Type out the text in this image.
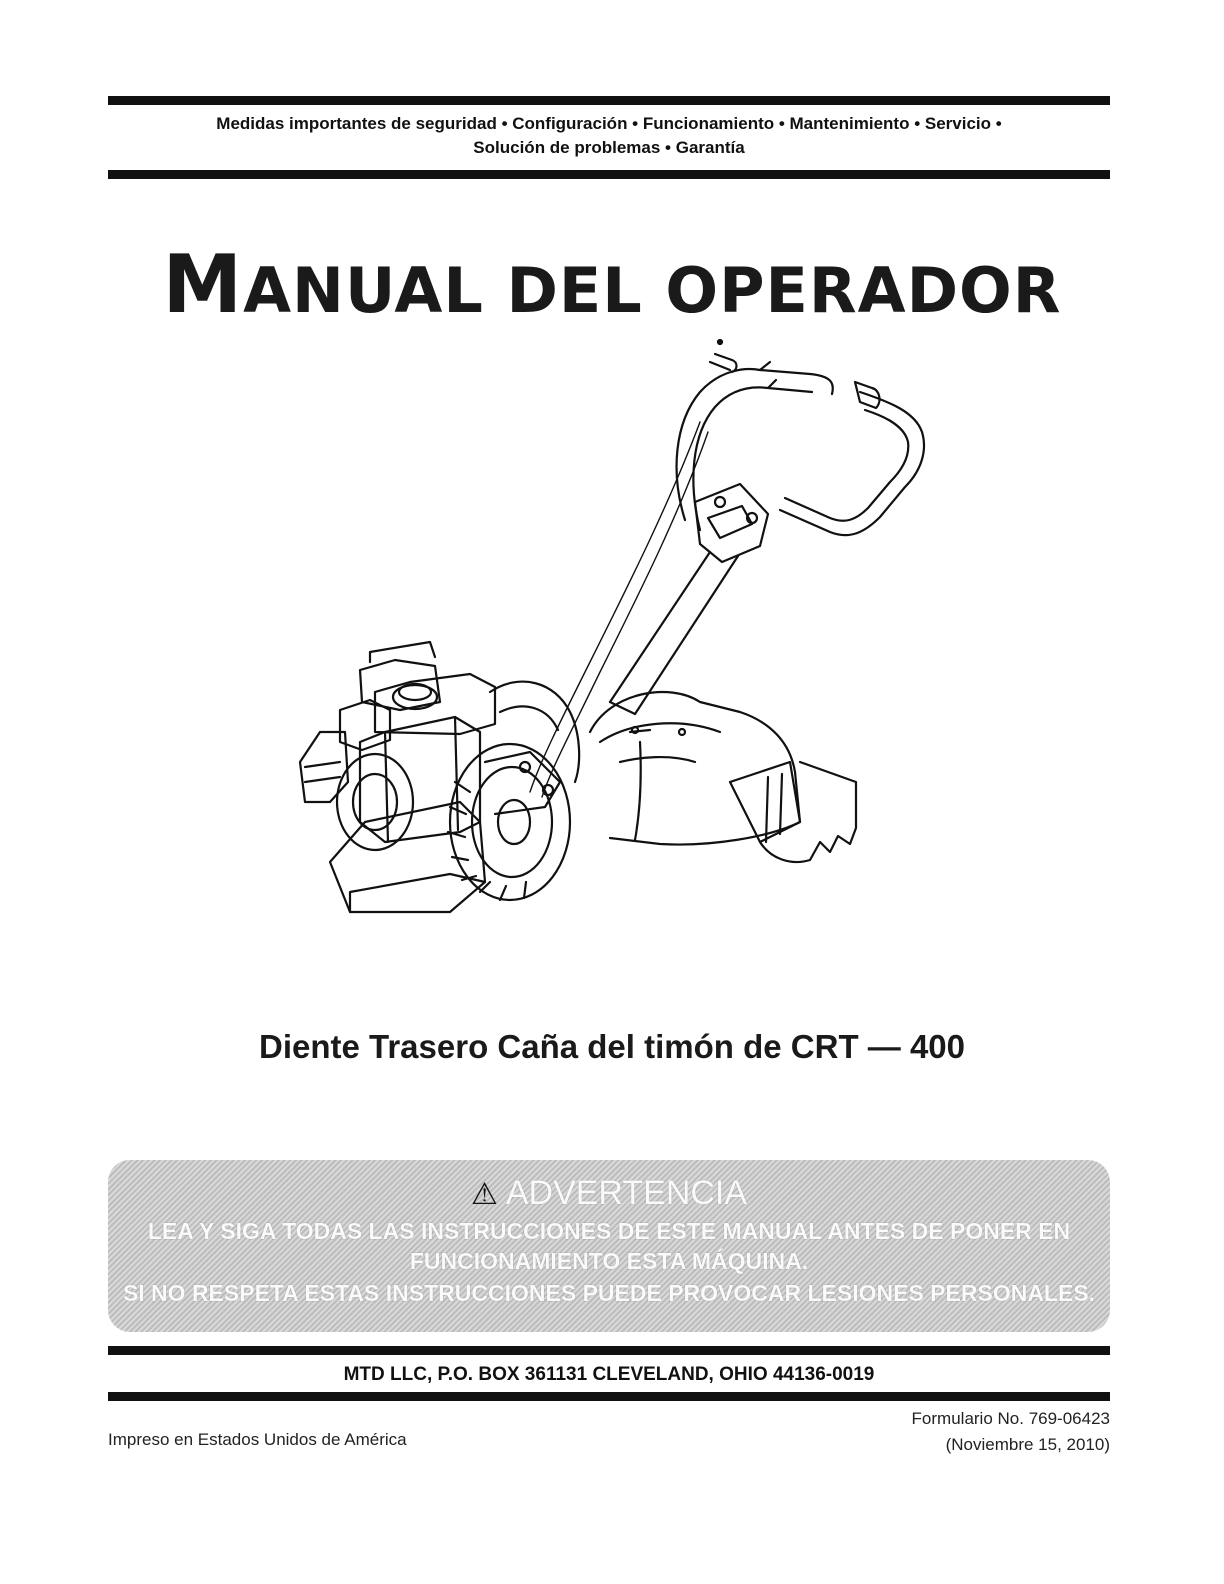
Medidas importantes de seguridad • Configuración • Funcionamiento • Mantenimiento • Servicio •
Solución de problemas • Garantía
MANUAL DEL OPERADOR
Diente Trasero Caña del timón de CRT — 400
⚠ ADVERTENCIA
LEA Y SIGA TODAS LAS INSTRUCCIONES DE ESTE MANUAL ANTES DE PONER EN
FUNCIONAMIENTO ESTA MÁQUINA.
SI NO RESPETA ESTAS INSTRUCCIONES PUEDE PROVOCAR LESIONES PERSONALES.
MTD LLC, P.O. BOX 361131 CLEVELAND, OHIO 44136-0019
Impreso en Estados Unidos de América
Formulario No. 769-06423
(Noviembre 15, 2010)
